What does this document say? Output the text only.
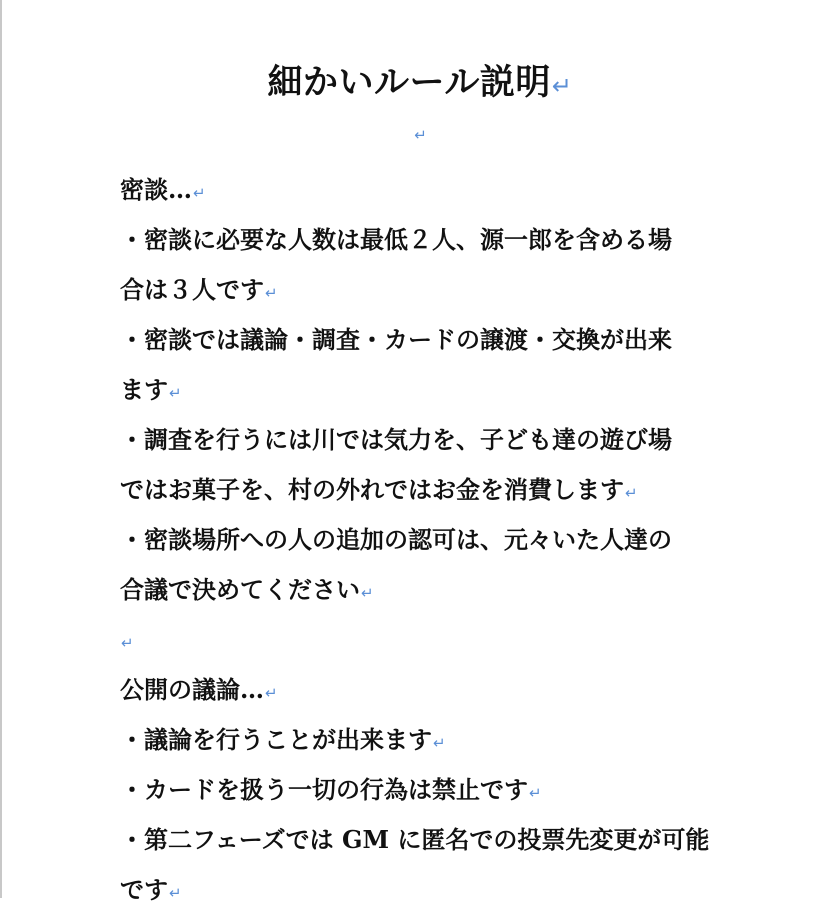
細かいルール説明↵
↵
密談…↵
・密談に必要な人数は最低２人、源一郎を含める場
合は３人です↵
・密談では議論・調査・カードの譲渡・交換が出来
ます↵
・調査を行うには川では気力を、子ども達の遊び場
ではお菓子を、村の外れではお金を消費します↵
・密談場所への人の追加の認可は、元々いた人達の
合議で決めてください↵
↵
公開の議論…↵
・議論を行うことが出来ます↵
・カードを扱う一切の行為は禁止です↵
・第二フェーズでは GM に匿名での投票先変更が可能
です↵
